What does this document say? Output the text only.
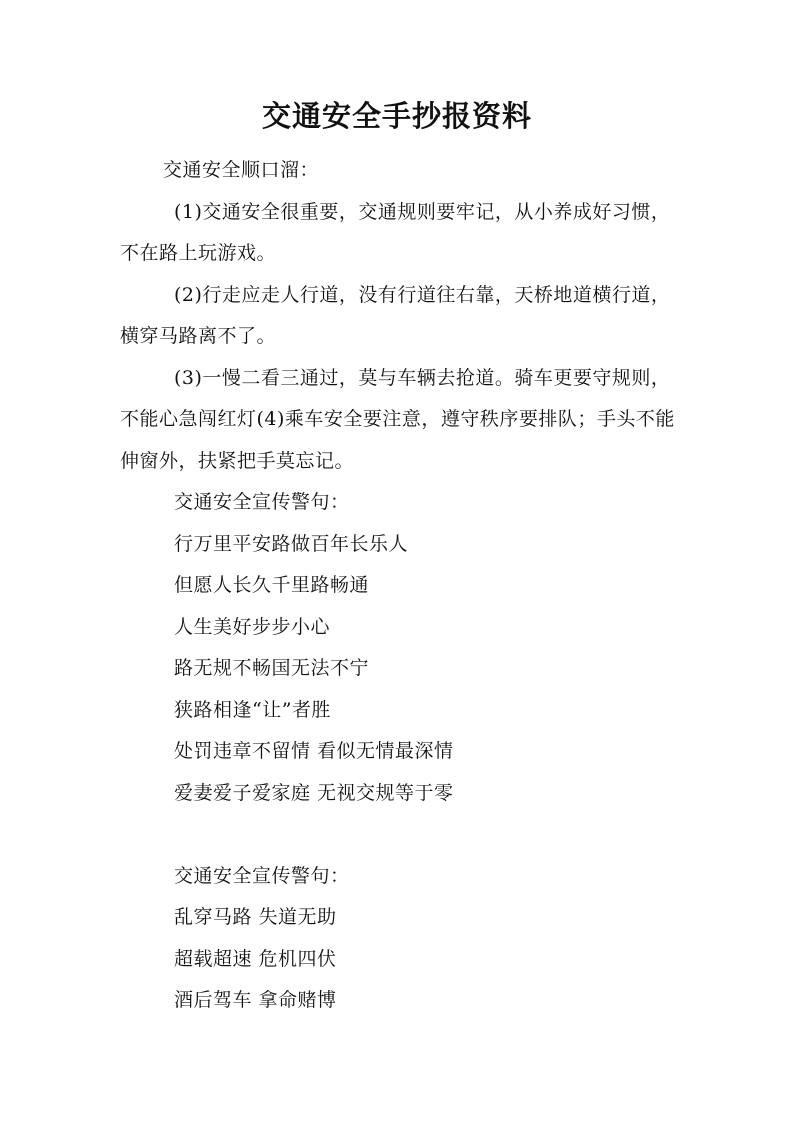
交通安全手抄报资料

交通安全顺口溜：

(1)交通安全很重要，交通规则要牢记，从小养成好习惯，不在路上玩游戏。

(2)行走应走人行道，没有行道往右靠，天桥地道横行道，横穿马路离不了。

(3)一慢二看三通过，莫与车辆去抢道。骑车更要守规则，不能心急闯红灯(4)乘车安全要注意，遵守秩序要排队；手头不能伸窗外，扶紧把手莫忘记。

交通安全宣传警句：

行万里平安路做百年长乐人

但愿人长久千里路畅通

人生美好步步小心

路无规不畅国无法不宁

狭路相逢“让”者胜

处罚违章不留情 看似无情最深情

爱妻爱子爱家庭 无视交规等于零

交通安全宣传警句：

乱穿马路 失道无助

超载超速 危机四伏

酒后驾车 拿命赌博
